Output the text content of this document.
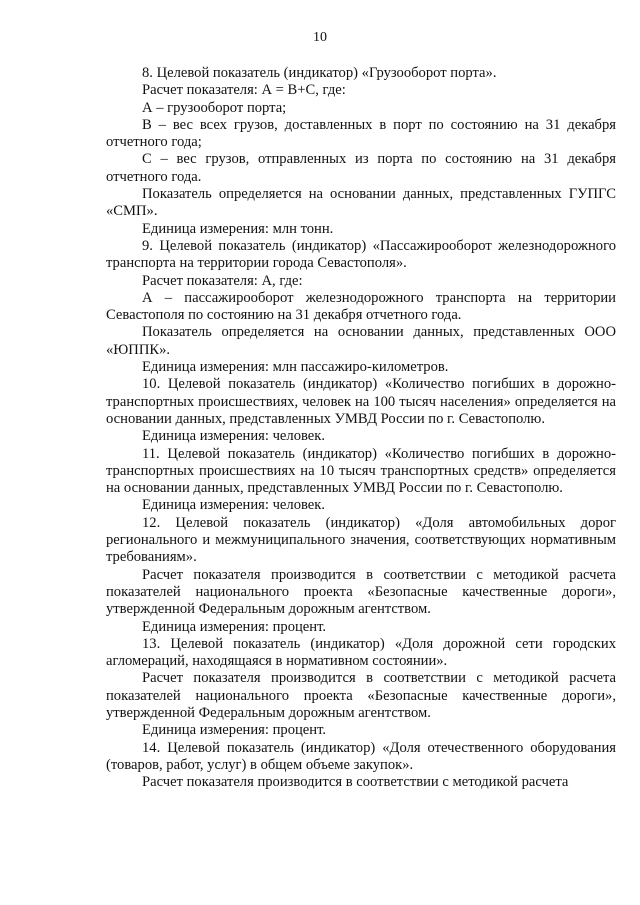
10

8. Целевой показатель (индикатор) «Грузооборот порта».

Расчет показателя: А = В+С, где:

А – грузооборот порта;

В – вес всех грузов, доставленных в порт по состоянию на 31 декабря отчетного года;

С – вес грузов, отправленных из порта по состоянию на 31 декабря отчетного года.

Показатель определяется на основании данных, представленных ГУПГС «СМП».

Единица измерения: млн тонн.

9. Целевой показатель (индикатор) «Пассажирооборот железнодорожного транспорта на территории города Севастополя».

Расчет показателя: А, где:

А – пассажирооборот железнодорожного транспорта на территории Севастополя по состоянию на 31 декабря отчетного года.

Показатель определяется на основании данных, представленных ООО «ЮППК».

Единица измерения: млн пассажиро-километров.

10. Целевой показатель (индикатор) «Количество погибших в дорожно-транспортных происшествиях, человек на 100 тысяч населения» определяется на основании данных, представленных УМВД России по г. Севастополю.

Единица измерения: человек.

11. Целевой показатель (индикатор) «Количество погибших в дорожно-транспортных происшествиях на 10 тысяч транспортных средств» определяется на основании данных, представленных УМВД России по г. Севастополю.

Единица измерения: человек.

12. Целевой показатель (индикатор) «Доля автомобильных дорог регионального и межмуниципального значения, соответствующих нормативным требованиям».

Расчет показателя производится в соответствии с методикой расчета показателей национального проекта «Безопасные качественные дороги», утвержденной Федеральным дорожным агентством.

Единица измерения: процент.

13. Целевой показатель (индикатор) «Доля дорожной сети городских агломераций, находящаяся в нормативном состоянии».

Расчет показателя производится в соответствии с методикой расчета показателей национального проекта «Безопасные качественные дороги», утвержденной Федеральным дорожным агентством.

Единица измерения: процент.

14. Целевой показатель (индикатор) «Доля отечественного оборудования (товаров, работ, услуг) в общем объеме закупок».

Расчет показателя производится в соответствии с методикой расчета
